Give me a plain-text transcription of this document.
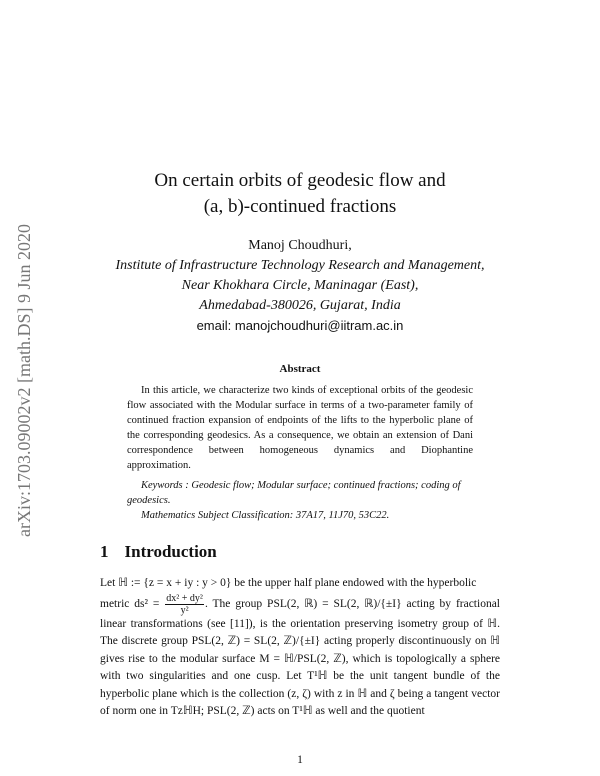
arXiv:1703.09002v2 [math.DS] 9 Jun 2020
On certain orbits of geodesic flow and
(a, b)-continued fractions
Manoj Choudhuri,
Institute of Infrastructure Technology Research and Management,
Near Khokhara Circle, Maninagar (East),
Ahmedabad-380026, Gujarat, India
email: manojchoudhuri@iitram.ac.in
Abstract

In this article, we characterize two kinds of exceptional orbits of the geodesic flow associated with the Modular surface in terms of a two-parameter family of continued fraction expansion of endpoints of the lifts to the hyperbolic plane of the corresponding geodesics. As a consequence, we obtain an extension of Dani correspondence between homogeneous dynamics and Diophantine approximation.

Keywords : Geodesic flow; Modular surface; continued fractions; coding of geodesics.

Mathematics Subject Classification: 37A17, 11J70, 53C22.

1 Introduction

Let ℍ := {z = x + iy : y > 0} be the upper half plane endowed with the hyperbolic
metric $ds^2 = \frac{\text{dx² + dy²}}{\text{y²}}$ . The group PSL(2, ℝ) = SL(2, ℝ)/{±I} acting by fractional linear transformations (see [11]), is the orientation preserving isometry group of ℍ. The discrete group PSL(2, ℤ) = SL(2, ℤ)/{±I} acting properly discontinuously on ℍ gives rise to the modular surface M = ℍ/PSL(2, ℤ), which is topologically a sphere with two singularities and one cusp. Let T¹ℍ be the unit tangent bundle of the hyperbolic plane which is the collection (z, ζ) with z in ℍ and ζ being a tangent vector of norm one in TzℍH; PSL(2, ℤ) acts on T¹ℍ as well and the quotient

1
